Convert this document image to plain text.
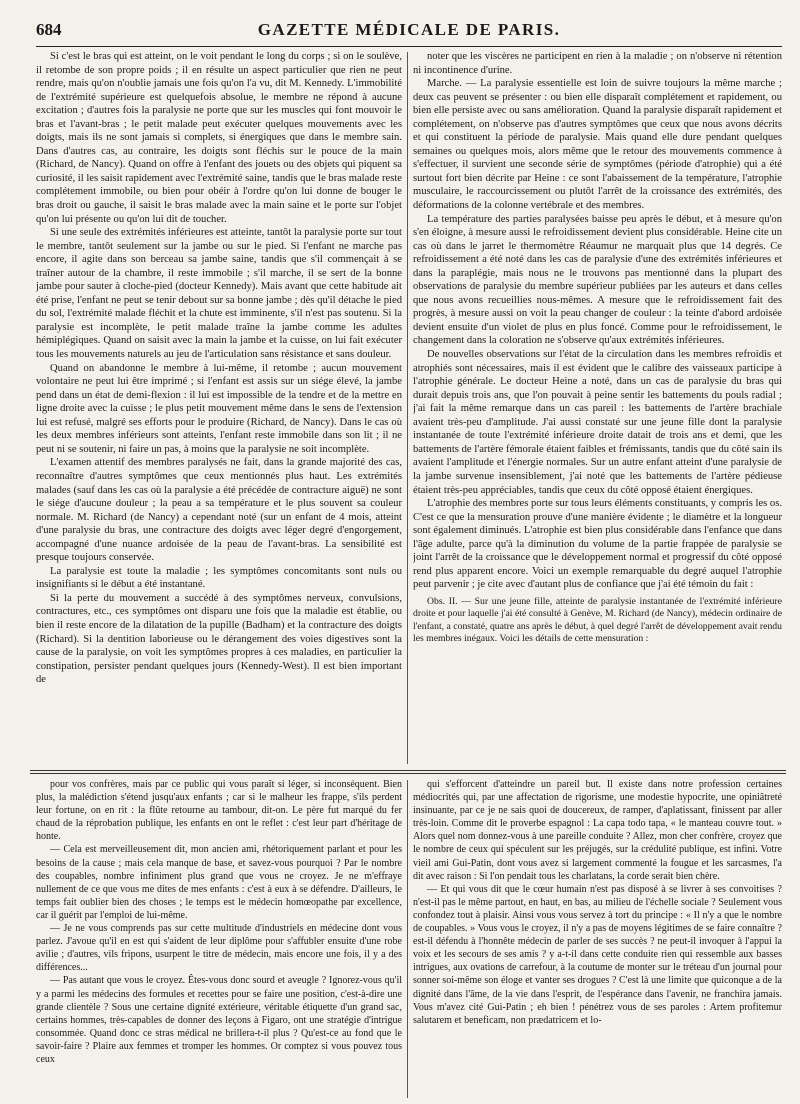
684	GAZETTE MÉDICALE DE PARIS.

Si c'est le bras qui est atteint, on le voit pendant le long du corps ; si on le soulève, il retombe de son propre poids ; il en résulte un aspect particulier que rien ne peut rendre, mais qu'on n'oublie jamais une fois qu'on l'a vu, dit M. Kennedy. L'immobilité de l'extrémité supérieure est quelquefois absolue, le membre ne répond à aucune excitation ; d'autres fois la paralysie ne porte que sur les muscles qui font mouvoir le bras et l'avant-bras ; le petit malade peut exécuter quelques mouvements avec les doigts, mais ils ne sont jamais si complets, si énergiques que dans le membre sain. Dans d'autres cas, au contraire, les doigts sont fléchis sur le pouce de la main (Richard, de Nancy). Quand on offre à l'enfant des jouets ou des objets qui piquent sa curiosité, il les saisit rapidement avec l'extrémité saine, tandis que le bras malade reste complétement immobile, ou bien pour obéir à l'ordre qu'on lui donne de bouger le bras droit ou gauche, il saisit le bras malade avec la main saine et le porte sur l'objet qu'on lui présente ou qu'on lui dit de toucher.

Si une seule des extrémités inférieures est atteinte, tantôt la paralysie porte sur tout le membre, tantôt seulement sur la jambe ou sur le pied. Si l'enfant ne marche pas encore, il agite dans son berceau sa jambe saine, tandis que s'il commençait à se traîner autour de la chambre, il reste immobile ; s'il marche, il se sert de la bonne jambe pour sauter à cloche-pied (docteur Kennedy). Mais avant que cette habitude ait été prise, l'enfant ne peut se tenir debout sur sa bonne jambe ; dès qu'il détache le pied du sol, l'extrémité malade fléchit et la chute est imminente, s'il n'est pas soutenu. Si la paralysie est incomplète, le petit malade traîne la jambe comme les adultes hémiplégiques. Quand on saisit avec la main la jambe et la cuisse, on lui fait exécuter tous les mouvements naturels au jeu de l'articulation sans résistance et sans douleur.

Quand on abandonne le membre à lui-même, il retombe ; aucun mouvement volontaire ne peut lui être imprimé ; si l'enfant est assis sur un siége élevé, la jambe pend dans un état de demi-flexion : il lui est impossible de la tendre et de la mettre en ligne droite avec la cuisse ; le plus petit mouvement même dans le sens de l'extension lui est refusé, malgré ses efforts pour le produire (Richard, de Nancy). Dans le cas où les deux membres inférieurs sont atteints, l'enfant reste immobile dans son lit ; il ne peut ni se soutenir, ni faire un pas, à moins que la paralysie ne soit incomplète.

L'examen attentif des membres paralysés ne fait, dans la grande majorité des cas, reconnaître d'autres symptômes que ceux mentionnés plus haut. Les extrémités malades (sauf dans les cas où la paralysie a été précédée de contracture aiguë) ne sont le siége d'aucune douleur ; la peau a sa température et le plus souvent sa couleur normale. M. Richard (de Nancy) a cependant noté (sur un enfant de 4 mois, atteint d'une paralysie du bras, une contracture des doigts avec léger degré d'engorgement, accompagné d'une nuance ardoisée de la peau de l'avant-bras. La sensibilité est presque toujours conservée.

La paralysie est toute la maladie ; les symptômes concomitants sont nuls ou insignifiants si le début a été instantané.

Si la perte du mouvement a succédé à des symptômes nerveux, convulsions, contractures, etc., ces symptômes ont disparu une fois que la maladie est établie, ou bien il reste encore de la dilatation de la pupille (Badham) et la contracture des doigts (Richard). Si la dentition laborieuse ou le dérangement des voies digestives sont la cause de la paralysie, on voit les symptômes propres à ces maladies, en particulier la constipation, persister pendant quelques jours (Kennedy-West). Il est bien important de

noter que les viscères ne participent en rien à la maladie ; on n'observe ni rétention ni incontinence d'urine.

Marche. — La paralysie essentielle est loin de suivre toujours la même marche ; deux cas peuvent se présenter : ou bien elle disparaît complétement et rapidement, ou bien elle persiste avec ou sans amélioration. Quand la paralysie disparaît rapidement et complétement, on n'observe pas d'autres symptômes que ceux que nous avons décrits et qui constituent la période de paralysie. Mais quand elle dure pendant quelques semaines ou quelques mois, alors même que le retour des mouvements commence à s'effectuer, il survient une seconde série de symptômes (période d'atrophie) qui a été surtout fort bien décrite par Heine : ce sont l'abaissement de la température, l'atrophie musculaire, le raccourcissement ou plutôt l'arrêt de la croissance des extrémités, des déformations de la colonne vertébrale et des membres.

La température des parties paralysées baisse peu après le début, et à mesure qu'on s'en éloigne, à mesure aussi le refroidissement devient plus considérable. Heine cite un cas où dans le jarret le thermomètre Réaumur ne marquait plus que 14 degrés. Ce refroidissement a été noté dans les cas de paralysie d'une des extrémités inférieures et dans la paraplégie, mais nous ne le trouvons pas mentionné dans la plupart des observations de paralysie du membre supérieur publiées par les auteurs et dans celles que nous avons recueillies nous-mêmes. A mesure que le refroidissement fait des progrès, à mesure aussi on voit la peau changer de couleur : la teinte d'abord ardoisée devient ensuite d'un violet de plus en plus foncé. Comme pour le refroidissement, le changement dans la coloration ne s'observe qu'aux extrémités inférieures.

De nouvelles observations sur l'état de la circulation dans les membres refroidis et atrophiés sont nécessaires, mais il est évident que le calibre des vaisseaux participe à l'atrophie générale. Le docteur Heine a noté, dans un cas de paralysie du bras qui durait depuis trois ans, que l'on pouvait à peine sentir les battements du pouls radial ; j'ai fait la même remarque dans un cas pareil : les battements de l'artère brachiale avaient très-peu d'amplitude. J'ai aussi constaté sur une jeune fille dont la paralysie instantanée de toute l'extrémité inférieure droite datait de trois ans et demi, que les battements de l'artère fémorale étaient faibles et frémissants, tandis que du côté sain ils avaient l'amplitude et l'énergie normales. Sur un autre enfant atteint d'une paralysie de la jambe survenue insensiblement, j'ai noté que les battements de l'artère pédieuse étaient très-peu appréciables, tandis que ceux du côté opposé étaient énergiques.

L'atrophie des membres porte sur tous leurs éléments constituants, y compris les os. C'est ce que la mensuration prouve d'une manière évidente ; le diamètre et la longueur sont également diminués. L'atrophie est bien plus considérable dans l'enfance que dans l'âge adulte, parce qu'à la diminution du volume de la partie frappée de paralysie se joint l'arrêt de la croissance que le développement normal et progressif du côté opposé rend plus apparent encore. Voici un exemple remarquable du degré auquel l'atrophie peut parvenir ; je cite avec d'autant plus de confiance que j'ai été témoin du fait :

Obs. II. — Sur une jeune fille, atteinte de paralysie instantanée de l'extrémité inférieure droite et pour laquelle j'ai été consulté à Genève, M. Richard (de Nancy), médecin ordinaire de l'enfant, a constaté, quatre ans après le début, à quel degré l'arrêt de développement avait rendu les membres inégaux. Voici les détails de cette mensuration :

pour vos confrères, mais par ce public qui vous paraît si léger, si inconséquent. Bien plus, la malédiction s'étend jusqu'aux enfants ; car si le malheur les frappe, s'ils perdent leur fortune, on en rit : la flûte retourne au tambour, dit-on. Le père fut marqué du fer chaud de la réprobation publique, les enfants en ont le reflet : c'est leur part d'héritage de honte.

— Cela est merveilleusement dit, mon ancien ami, rhétoriquement parlant et pour les besoins de la cause ; mais cela manque de base, et savez-vous pourquoi ? Par le nombre des coupables, nombre infiniment plus grand que vous ne croyez. Je ne m'effraye nullement de ce que vous me dites de mes enfants : c'est à eux à se défendre. D'ailleurs, le temps fait oublier bien des choses ; le temps est le médecin homœopathe par excellence, car il guérit par l'emploi de lui-même.

— Je ne vous comprends pas sur cette multitude d'industriels en médecine dont vous parlez. J'avoue qu'il en est qui s'aident de leur diplôme pour s'affubler ensuite d'une robe avilie ; d'autres, vils fripons, usurpent le titre de médecin, mais encore une fois, il y a des différences...

— Pas autant que vous le croyez. Êtes-vous donc sourd et aveugle ? Ignorez-vous qu'il y a parmi les médecins des formules et recettes pour se faire une position, c'est-à-dire une grande clientèle ? Sous une certaine dignité extérieure, véritable étiquette d'un grand sac, certains hommes, très-capables de donner des leçons à Figaro, ont une stratégie d'intrigue consommée. Quand donc ce stras médical ne brillera-t-il plus ? Qu'est-ce au fond que le savoir-faire ? Plaire aux femmes et tromper les hommes. Or comptez si vous pouvez tous ceux

qui s'efforcent d'atteindre un pareil but. Il existe dans notre profession certaines médiocrités qui, par une affectation de rigorisme, une modestie hypocrite, une opiniâtreté insinuante, par ce je ne sais quoi de doucereux, de ramper, d'aplatissant, finissent par aller très-loin. Comme dit le proverbe espagnol : La capa todo tapa, « le manteau couvre tout. » Alors quel nom donnez-vous à une pareille conduite ? Allez, mon cher confrère, croyez que le nombre de ceux qui spéculent sur les préjugés, sur la crédulité publique, est infini. Votre vieil ami Gui-Patin, dont vous avez si largement commenté la fougue et les sarcasmes, l'a dit avec raison : Si l'on pendait tous les charlatans, la corde serait bien chère.

— Et qui vous dit que le cœur humain n'est pas disposé à se livrer à ses convoitises ? n'est-il pas le même partout, en haut, en bas, au milieu de l'échelle sociale ? Seulement vous confondez tout à plaisir. Ainsi vous vous servez à tort du principe : « Il n'y a que le nombre de coupables. » Vous vous le croyez, il n'y a pas de moyens légitimes de se faire connaître ? est-il défendu à l'honnête médecin de parler de ses succès ? ne peut-il invoquer à l'appui la voix et les secours de ses amis ? y a-t-il dans cette conduite rien qui ressemble aux basses intrigues, aux ovations de carrefour, à la coutume de monter sur le tréteau d'un journal pour sonner soi-même son éloge et vanter ses drogues ? C'est là une limite que quiconque a de la dignité dans l'âme, de la vie dans l'esprit, de l'espérance dans l'avenir, ne franchira jamais. Vous m'avez cité Gui-Patin ; eh bien ! pénétrez vous de ses paroles : Artem profitemur salutarem et beneficam, non prædatricem et lo-
